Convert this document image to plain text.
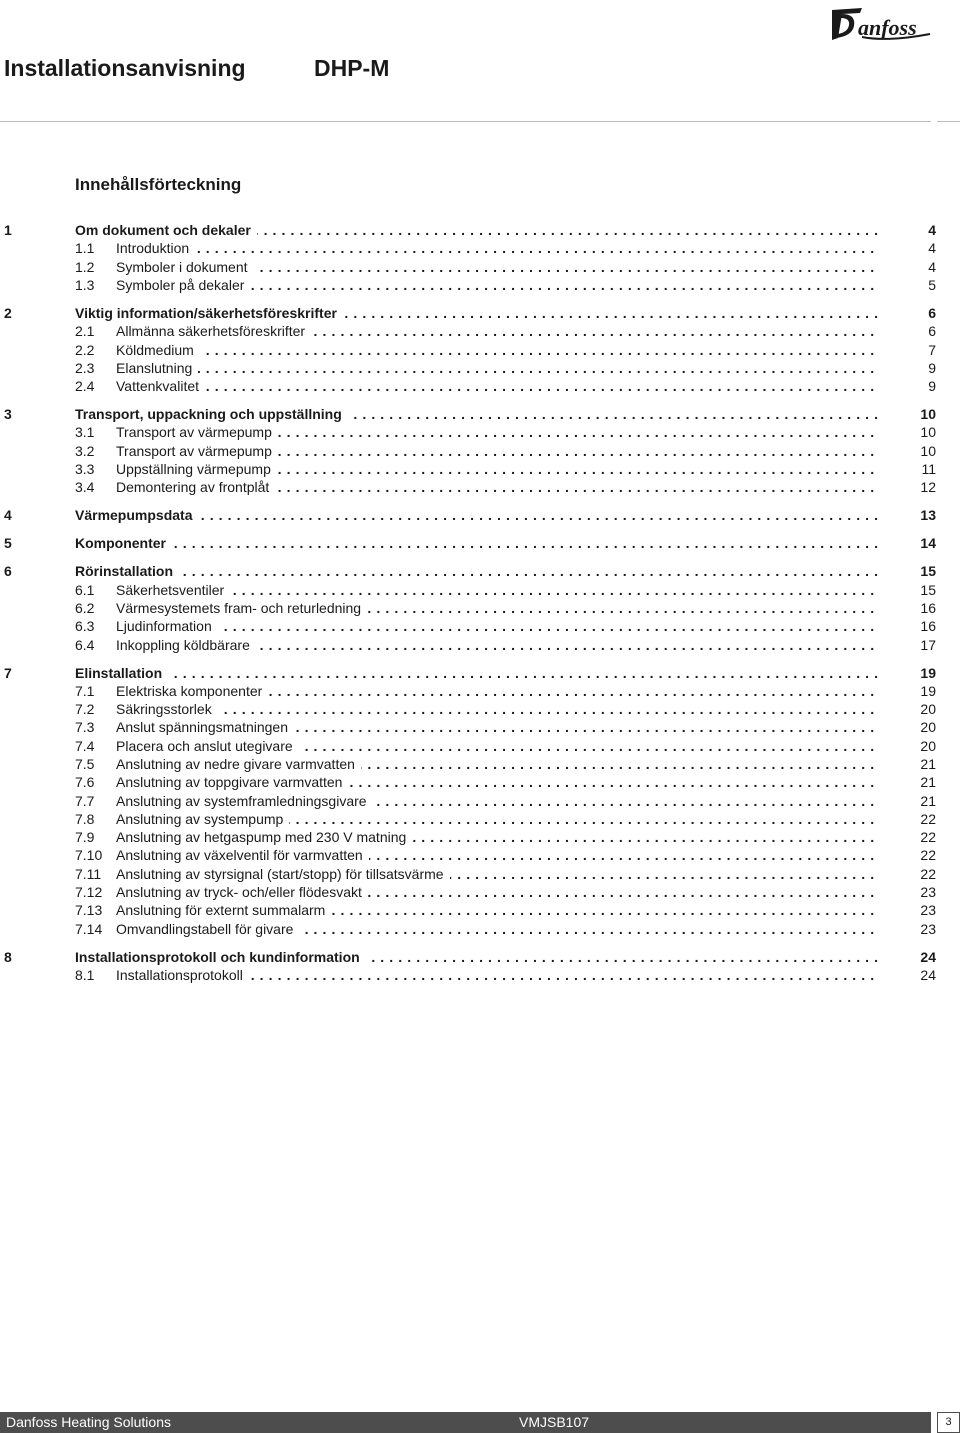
anfoss
Installationsanvisning	DHP-M
Innehållsförteckning
1	Om dokument och dekaler . . .	4
1.1 Introduktion . . .	4
1.2 Symboler i dokument . . .	4
1.3 Symboler på dekaler . . .	5
2	Viktig information/säkerhetsföreskrifter . . .	6
2.1 Allmänna säkerhetsföreskrifter . . .	6
2.2 Köldmedium . . .	7
2.3 Elanslutning . . .	9
2.4 Vattenkvalitet . . .	9
3	Transport, uppackning och uppställning . . .	10
3.1 Transport av värmepump . . .	10
3.2 Transport av värmepump . . .	10
3.3 Uppställning värmepump . . .	11
3.4 Demontering av frontplåt . . .	12
4	Värmepumpsdata . . .	13
5	Komponenter . . .	14
6	Rörinstallation . . .	15
6.1 Säkerhetsventiler . . .	15
6.2 Värmesystemets fram- och returledning . . .	16
6.3 Ljudinformation . . .	16
6.4 Inkoppling köldbärare . . .	17
7	Elinstallation . . .	19
7.1 Elektriska komponenter . . .	19
7.2 Säkringsstorlek . . .	20
7.3 Anslut spänningsmatningen . . .	20
7.4 Placera och anslut utegivare . . .	20
7.5 Anslutning av nedre givare varmvatten . . .	21
7.6 Anslutning av toppgivare varmvatten . . .	21
7.7 Anslutning av systemframledningsgivare . . .	21
7.8 Anslutning av systempump . . .	22
7.9 Anslutning av hetgaspump med 230 V matning . . .	22
7.10 Anslutning av växelventil för varmvatten . . .	22
7.11 Anslutning av styrsignal (start/stopp) för tillsatsvärme . . .	22
7.12 Anslutning av tryck- och/eller flödesvakt . . .	23
7.13 Anslutning för externt summalarm . . .	23
7.14 Omvandlingstabell för givare . . .	23
8	Installationsprotokoll och kundinformation . . .	24
8.1 Installationsprotokoll . . .	24
Danfoss Heating Solutions	VMJSB107	3
